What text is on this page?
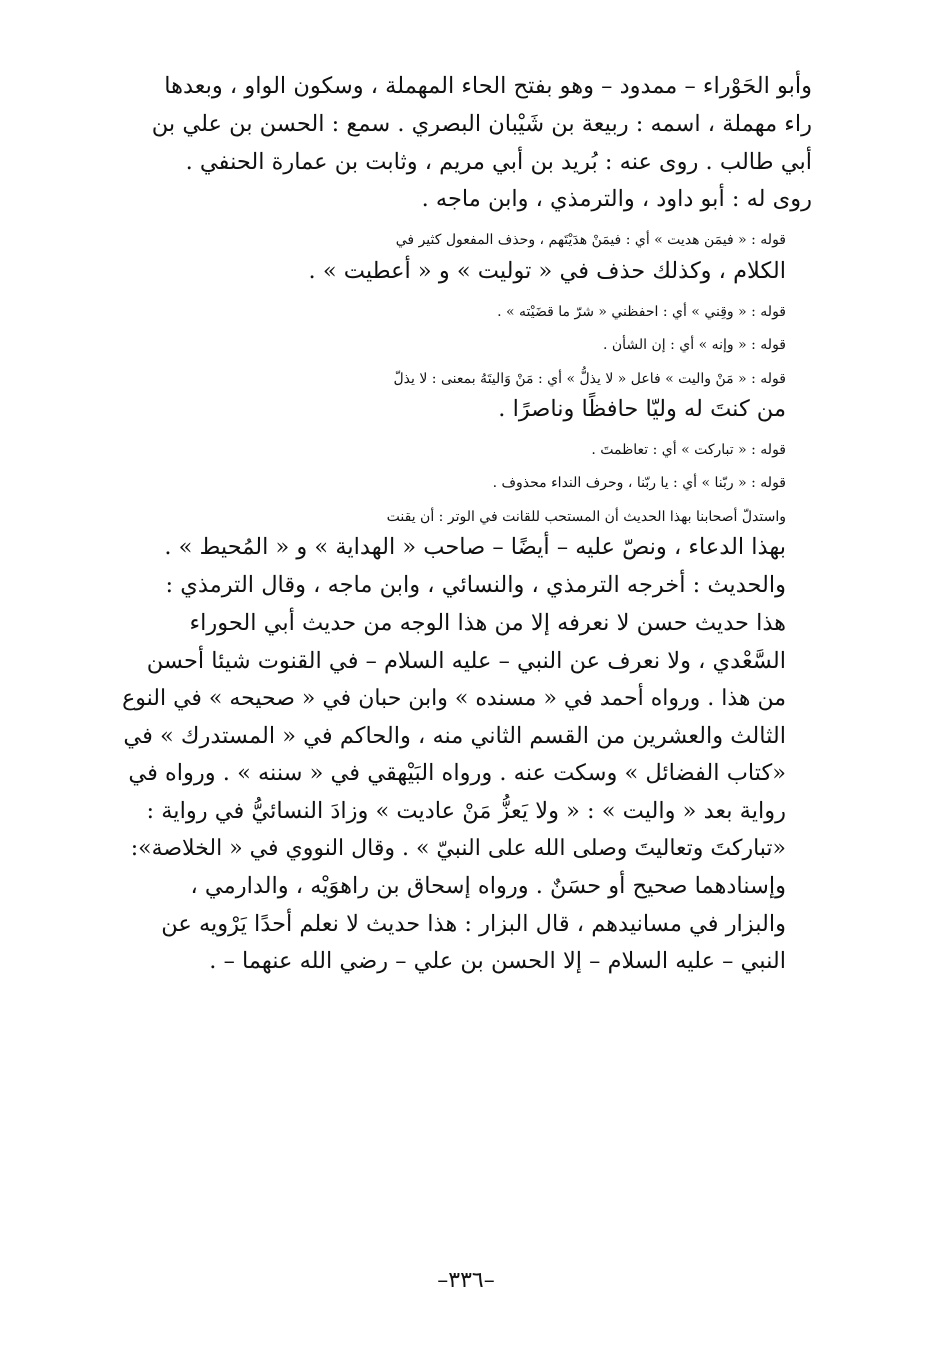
وأبو الحَوْراء – ممدود – وهو بفتح الحاء المهملة ، وسكون الواو ، وبعدها
راء مهملة ، اسمه : ربيعة بن شَيْبان البصري . سمع : الحسن بن علي بن
أبي طالب . روى عنه : بُريد بن أبي مريم ، وثابت بن عمارة الحنفي .
روى له : أبو داود ، والترمذي ، وابن ماجه .

قوله : « فيمَن هديت » أي : فيمَنْ هدَيْتَهم ، وحذف المفعول كثير في
الكلام ، وكذلك حذف في « توليت » و « أعطيت » .

قوله : « وقِني » أي : احفظني « شرّ ما قضَيْته » .

قوله : « وإنه » أي : إن الشأن .

قوله : « مَنْ واليت » فاعل « لا يذلُّ » أي : مَنْ وَاليتَهُ بمعنى : لا يذلّ
من كنتَ له وليّا حافظًا وناصرًا .

قوله : « تباركت » أي : تعاظمتَ .

قوله : « ربّنا » أي : يا ربّنا ، وحرف النداء محذوف .

واستدلّ أصحابنا بهذا الحديث أن المستحب للقانت في الوتر : أن يقنت
بهذا الدعاء ، ونصّ عليه – أيضًا – صاحب « الهداية » و « المُحيط » .
والحديث : أخرجه الترمذي ، والنسائي ، وابن ماجه ، وقال الترمذي :
هذا حديث حسن لا نعرفه إلا من هذا الوجه من حديث أبي الحوراء
السَّعْدي ، ولا نعرف عن النبي – عليه السلام – في القنوت شيئا أحسن
من هذا . ورواه أحمد في « مسنده » وابن حبان في « صحيحه » في النوع
الثالث والعشرين من القسم الثاني منه ، والحاكم في « المستدرك » في
«كتاب الفضائل » وسكت عنه . ورواه البَيْهقي في « سننه » . ورواه في
رواية بعد « واليت » : « ولا يَعزُّ مَنْ عاديت » وزادَ النسائيُّ في رواية :
«تباركتَ وتعاليتَ وصلى الله على النبيّ » . وقال النووي في « الخلاصة»:
وإسنادهما صحيح أو حسَنٌ . ورواه إسحاق بن راهوَيْه ، والدارمي ،
والبزار في مسانيدهم ، قال البزار : هذا حديث لا نعلم أحدًا يَرْويه عن
النبي – عليه السلام – إلا الحسن بن علي – رضي الله عنهما – .

–٣٣٦–
